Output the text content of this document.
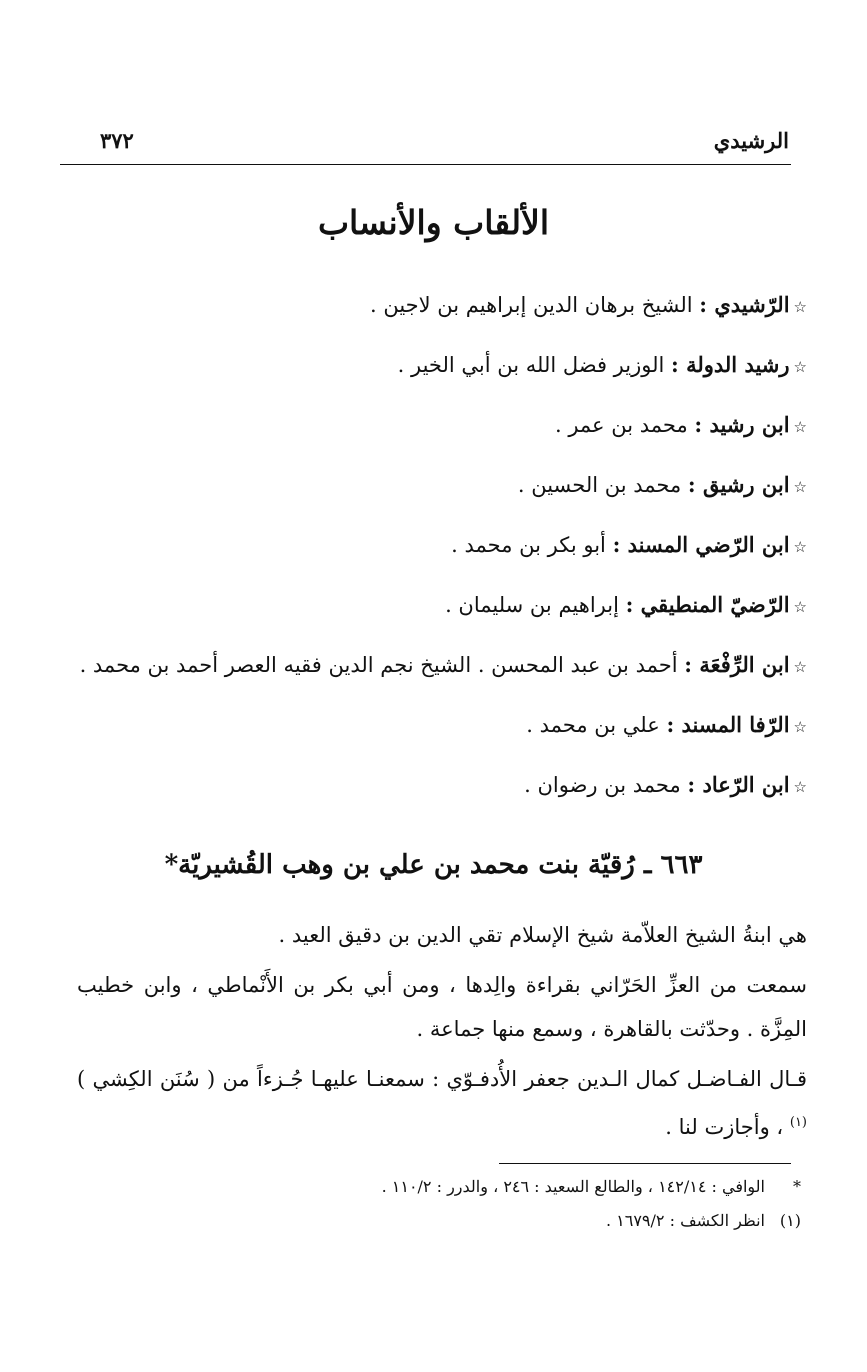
الرشيدي
٣٧٢
الألقاب والأنساب
☆الرّشيدي : الشيخ برهان الدين إبراهيم بن لاجين .
☆رشيد الدولة : الوزير فضل الله بن أبي الخير .
☆ابن رشيد : محمد بن عمر .
☆ابن رشيق : محمد بن الحسين .
☆ابن الرّضي المسند : أبو بكر بن محمد .
☆الرّضيّ المنطيقي : إبراهيم بن سليمان .
☆ابن الرِّفْعَة : أحمد بن عبد المحسن . الشيخ نجم الدين فقيه العصر أحمد بن محمد .
☆الرّفا المسند : علي بن محمد .
☆ابن الرّعاد : محمد بن رضوان .
٦٦٣ ـ رُقيّة بنت محمد بن علي بن وهب القُشيريّة*

هي ابنةُ الشيخ العلاّمة شيخ الإسلام تقي الدين بن دقيق العيد .

سمعت من العزِّ الحَرّاني بقراءة والِدها ، ومن أبي بكر بن الأَنْماطي ، وابن خطيب المِزَّة . وحدّثت بالقاهرة ، وسمع منها جماعة .

قـال الفـاضـل كمال الـدين جعفر الأُدفـوّي : سمعنـا عليهـا جُـزءاً من ( سُنَن الكِشي )$^{(١)}$ ، وأجازت لنا .

*الوافي : ١٤٢/١٤ ، والطالع السعيد : ٢٤٦ ، والدرر : ١١٠/٢ .
(١)انظر الكشف : ١٦٧٩/٢ .
